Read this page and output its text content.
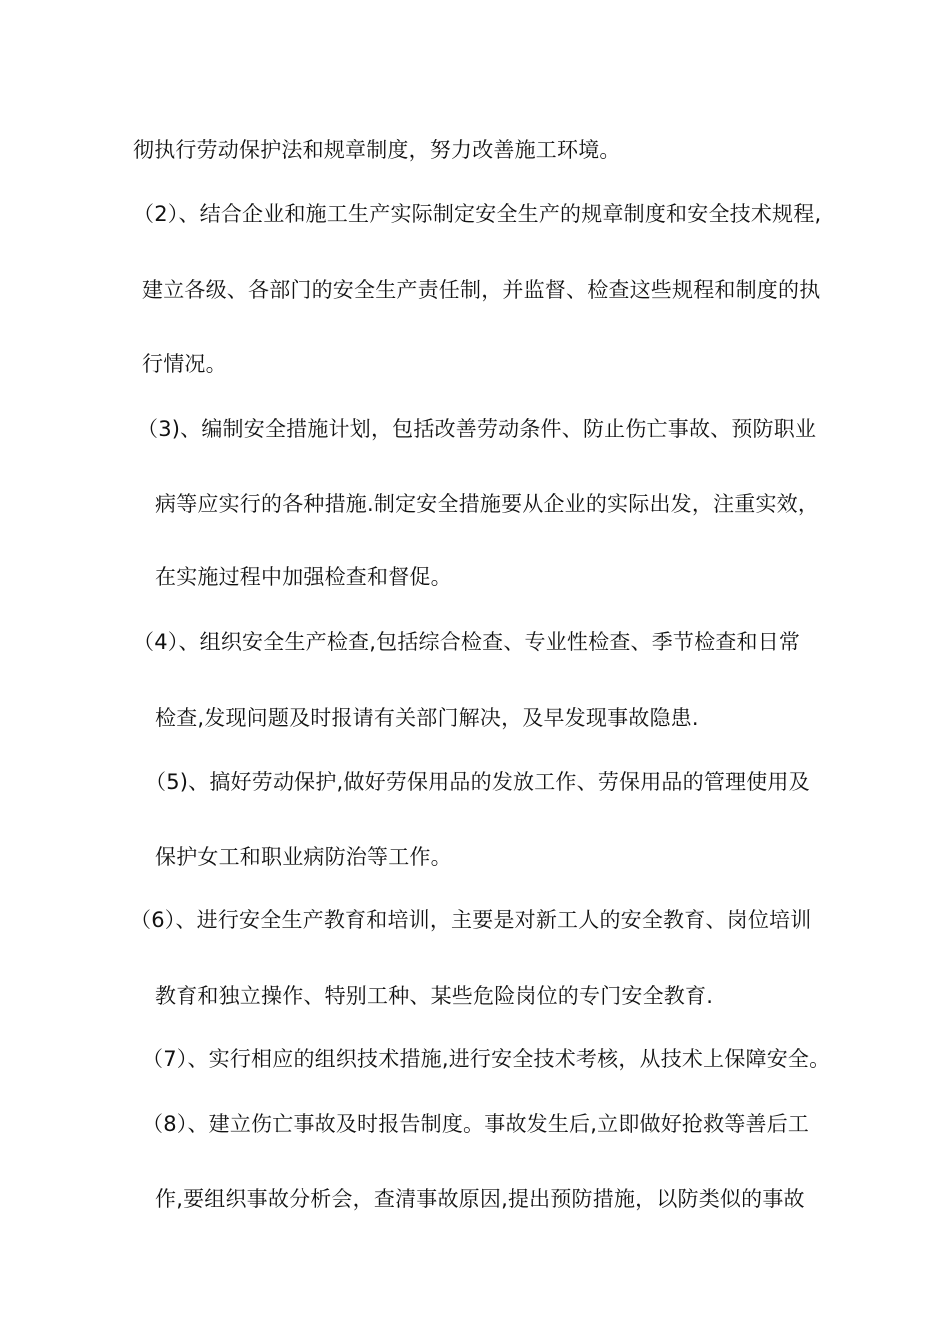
彻执行劳动保护法和规章制度，努力改善施工环境。
（2）、结合企业和施工生产实际制定安全生产的规章制度和安全技术规程,
建立各级、各部门的安全生产责任制，并监督、检查这些规程和制度的执
行情况。
（3)、编制安全措施计划，包括改善劳动条件、防止伤亡事故、预防职业
病等应实行的各种措施.制定安全措施要从企业的实际出发，注重实效，
在实施过程中加强检查和督促。
（4）、组织安全生产检查,包括综合检查、专业性检查、季节检查和日常
检查,发现问题及时报请有关部门解决，及早发现事故隐患.
（5)、搞好劳动保护,做好劳保用品的发放工作、劳保用品的管理使用及
保护女工和职业病防治等工作。
（6）、进行安全生产教育和培训，主要是对新工人的安全教育、岗位培训
教育和独立操作、特别工种、某些危险岗位的专门安全教育.
（7）、实行相应的组织技术措施,进行安全技术考核，从技术上保障安全。
（8）、建立伤亡事故及时报告制度。事故发生后,立即做好抢救等善后工
作,要组织事故分析会，查清事故原因,提出预防措施，以防类似的事故
